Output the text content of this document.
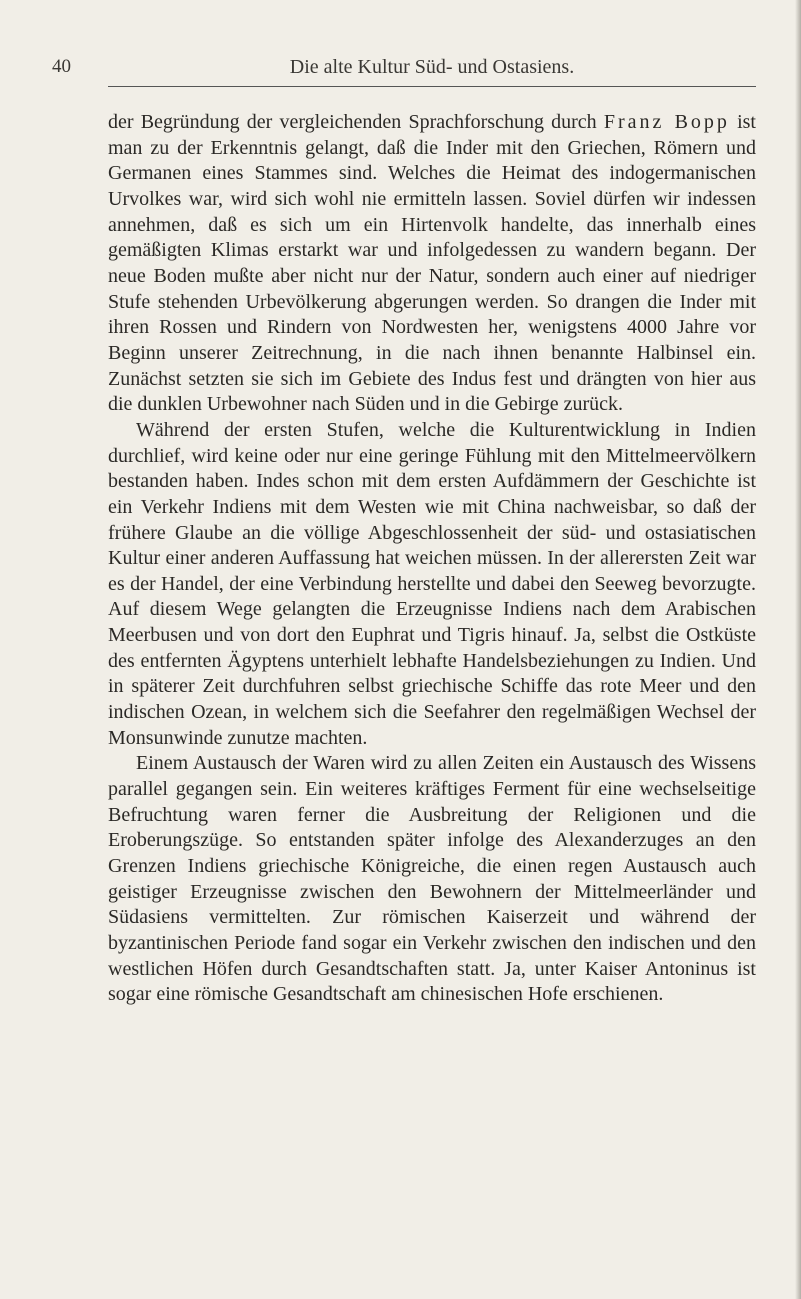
40	Die alte Kultur Süd- und Ostasiens.

der Begründung der vergleichenden Sprachforschung durch Franz Bopp ist man zu der Erkenntnis gelangt, daß die Inder mit den Griechen, Römern und Germanen eines Stammes sind. Welches die Heimat des indogermanischen Urvolkes war, wird sich wohl nie ermitteln lassen. Soviel dürfen wir indessen annehmen, daß es sich um ein Hirtenvolk handelte, das innerhalb eines gemäßigten Klimas erstarkt war und infolgedessen zu wandern begann. Der neue Boden mußte aber nicht nur der Natur, sondern auch einer auf niedriger Stufe stehenden Urbevölkerung abgerungen werden. So drangen die Inder mit ihren Rossen und Rindern von Nordwesten her, wenigstens 4000 Jahre vor Beginn unserer Zeitrechnung, in die nach ihnen benannte Halbinsel ein. Zunächst setzten sie sich im Gebiete des Indus fest und drängten von hier aus die dunklen Urbewohner nach Süden und in die Gebirge zurück.

Während der ersten Stufen, welche die Kulturentwicklung in Indien durchlief, wird keine oder nur eine geringe Fühlung mit den Mittelmeervölkern bestanden haben. Indes schon mit dem ersten Aufdämmern der Geschichte ist ein Verkehr Indiens mit dem Westen wie mit China nachweisbar, so daß der frühere Glaube an die völlige Abgeschlossenheit der süd- und ostasiatischen Kultur einer anderen Auffassung hat weichen müssen. In der allerersten Zeit war es der Handel, der eine Verbindung herstellte und dabei den Seeweg bevorzugte. Auf diesem Wege gelangten die Erzeugnisse Indiens nach dem Arabischen Meerbusen und von dort den Euphrat und Tigris hinauf. Ja, selbst die Ostküste des entfernten Ägyptens unterhielt lebhafte Handelsbeziehungen zu Indien. Und in späterer Zeit durchfuhren selbst griechische Schiffe das rote Meer und den indischen Ozean, in welchem sich die Seefahrer den regelmäßigen Wechsel der Monsunwinde zunutze machten.

Einem Austausch der Waren wird zu allen Zeiten ein Austausch des Wissens parallel gegangen sein. Ein weiteres kräftiges Ferment für eine wechselseitige Befruchtung waren ferner die Ausbreitung der Religionen und die Eroberungszüge. So entstanden später infolge des Alexanderzuges an den Grenzen Indiens griechische Königreiche, die einen regen Austausch auch geistiger Erzeugnisse zwischen den Bewohnern der Mittelmeerländer und Südasiens vermittelten. Zur römischen Kaiserzeit und während der byzantinischen Periode fand sogar ein Verkehr zwischen den indischen und den westlichen Höfen durch Gesandtschaften statt. Ja, unter Kaiser Antoninus ist sogar eine römische Gesandtschaft am chinesischen Hofe erschienen.
